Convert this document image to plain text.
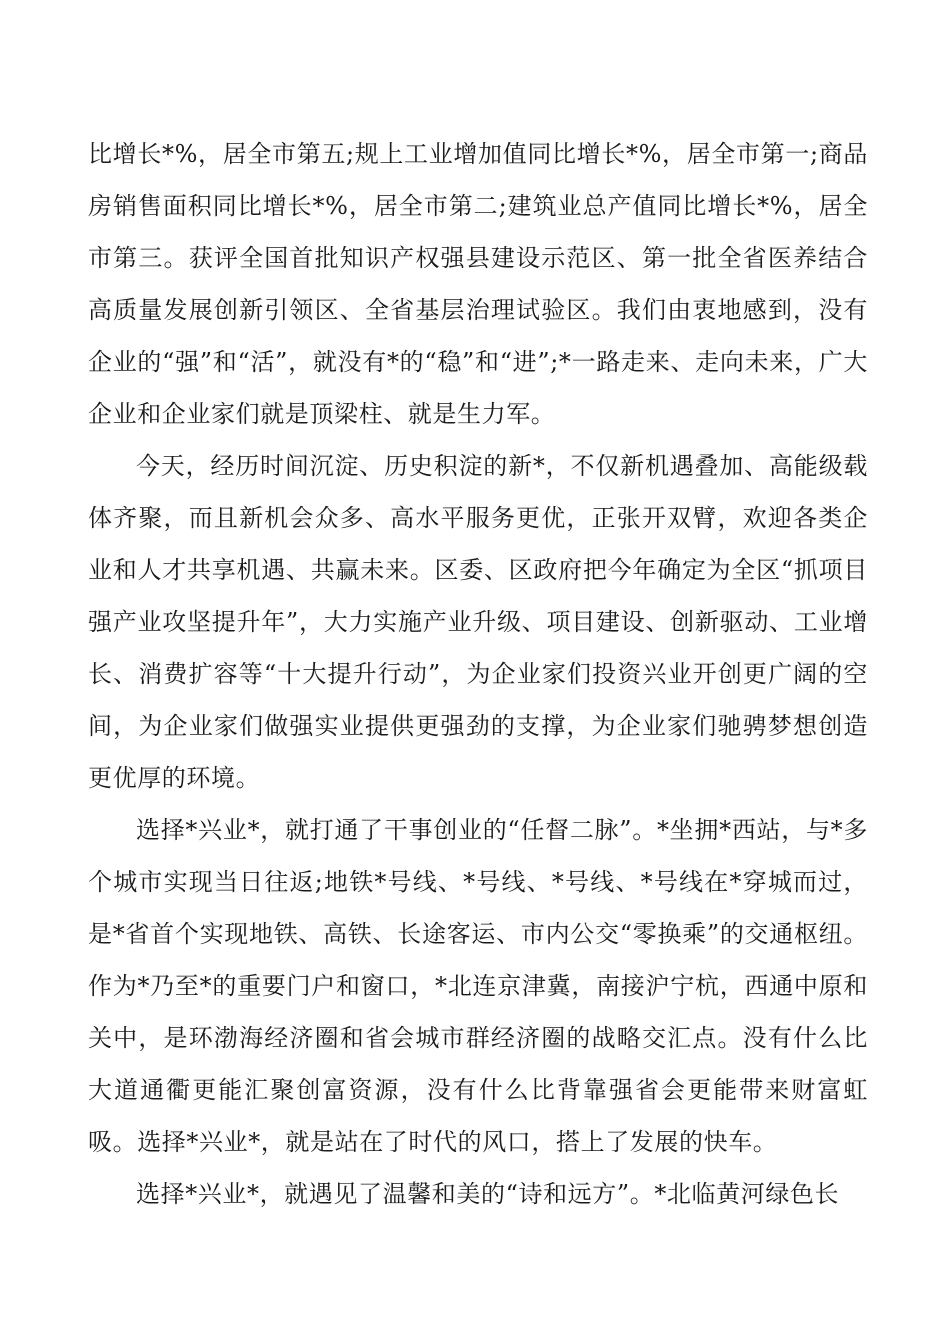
比增长*%，居全市第五;规上工业增加值同比增长*%，居全市第一;商品房销售面积同比增长*%，居全市第二;建筑业总产值同比增长*%，居全市第三。获评全国首批知识产权强县建设示范区、第一批全省医养结合高质量发展创新引领区、全省基层治理试验区。我们由衷地感到，没有企业的“强”和“活”，就没有*的“稳”和“进”;*一路走来、走向未来，广大企业和企业家们就是顶梁柱、就是生力军。

今天，经历时间沉淀、历史积淀的新*，不仅新机遇叠加、高能级载体齐聚，而且新机会众多、高水平服务更优，正张开双臂，欢迎各类企业和人才共享机遇、共赢未来。区委、区政府把今年确定为全区“抓项目强产业攻坚提升年”，大力实施产业升级、项目建设、创新驱动、工业增长、消费扩容等“十大提升行动”，为企业家们投资兴业开创更广阔的空间，为企业家们做强实业提供更强劲的支撑，为企业家们驰骋梦想创造更优厚的环境。

选择*兴业*，就打通了干事创业的“任督二脉”。*坐拥*西站，与*多个城市实现当日往返;地铁*号线、*号线、*号线、*号线在*穿城而过，是*省首个实现地铁、高铁、长途客运、市内公交“零换乘”的交通枢纽。作为*乃至*的重要门户和窗口，*北连京津冀，南接沪宁杭，西通中原和关中，是环渤海经济圈和省会城市群经济圈的战略交汇点。没有什么比大道通衢更能汇聚创富资源，没有什么比背靠强省会更能带来财富虹吸。选择*兴业*，就是站在了时代的风口，搭上了发展的快车。

选择*兴业*，就遇见了温馨和美的“诗和远方”。*北临黄河绿色长
